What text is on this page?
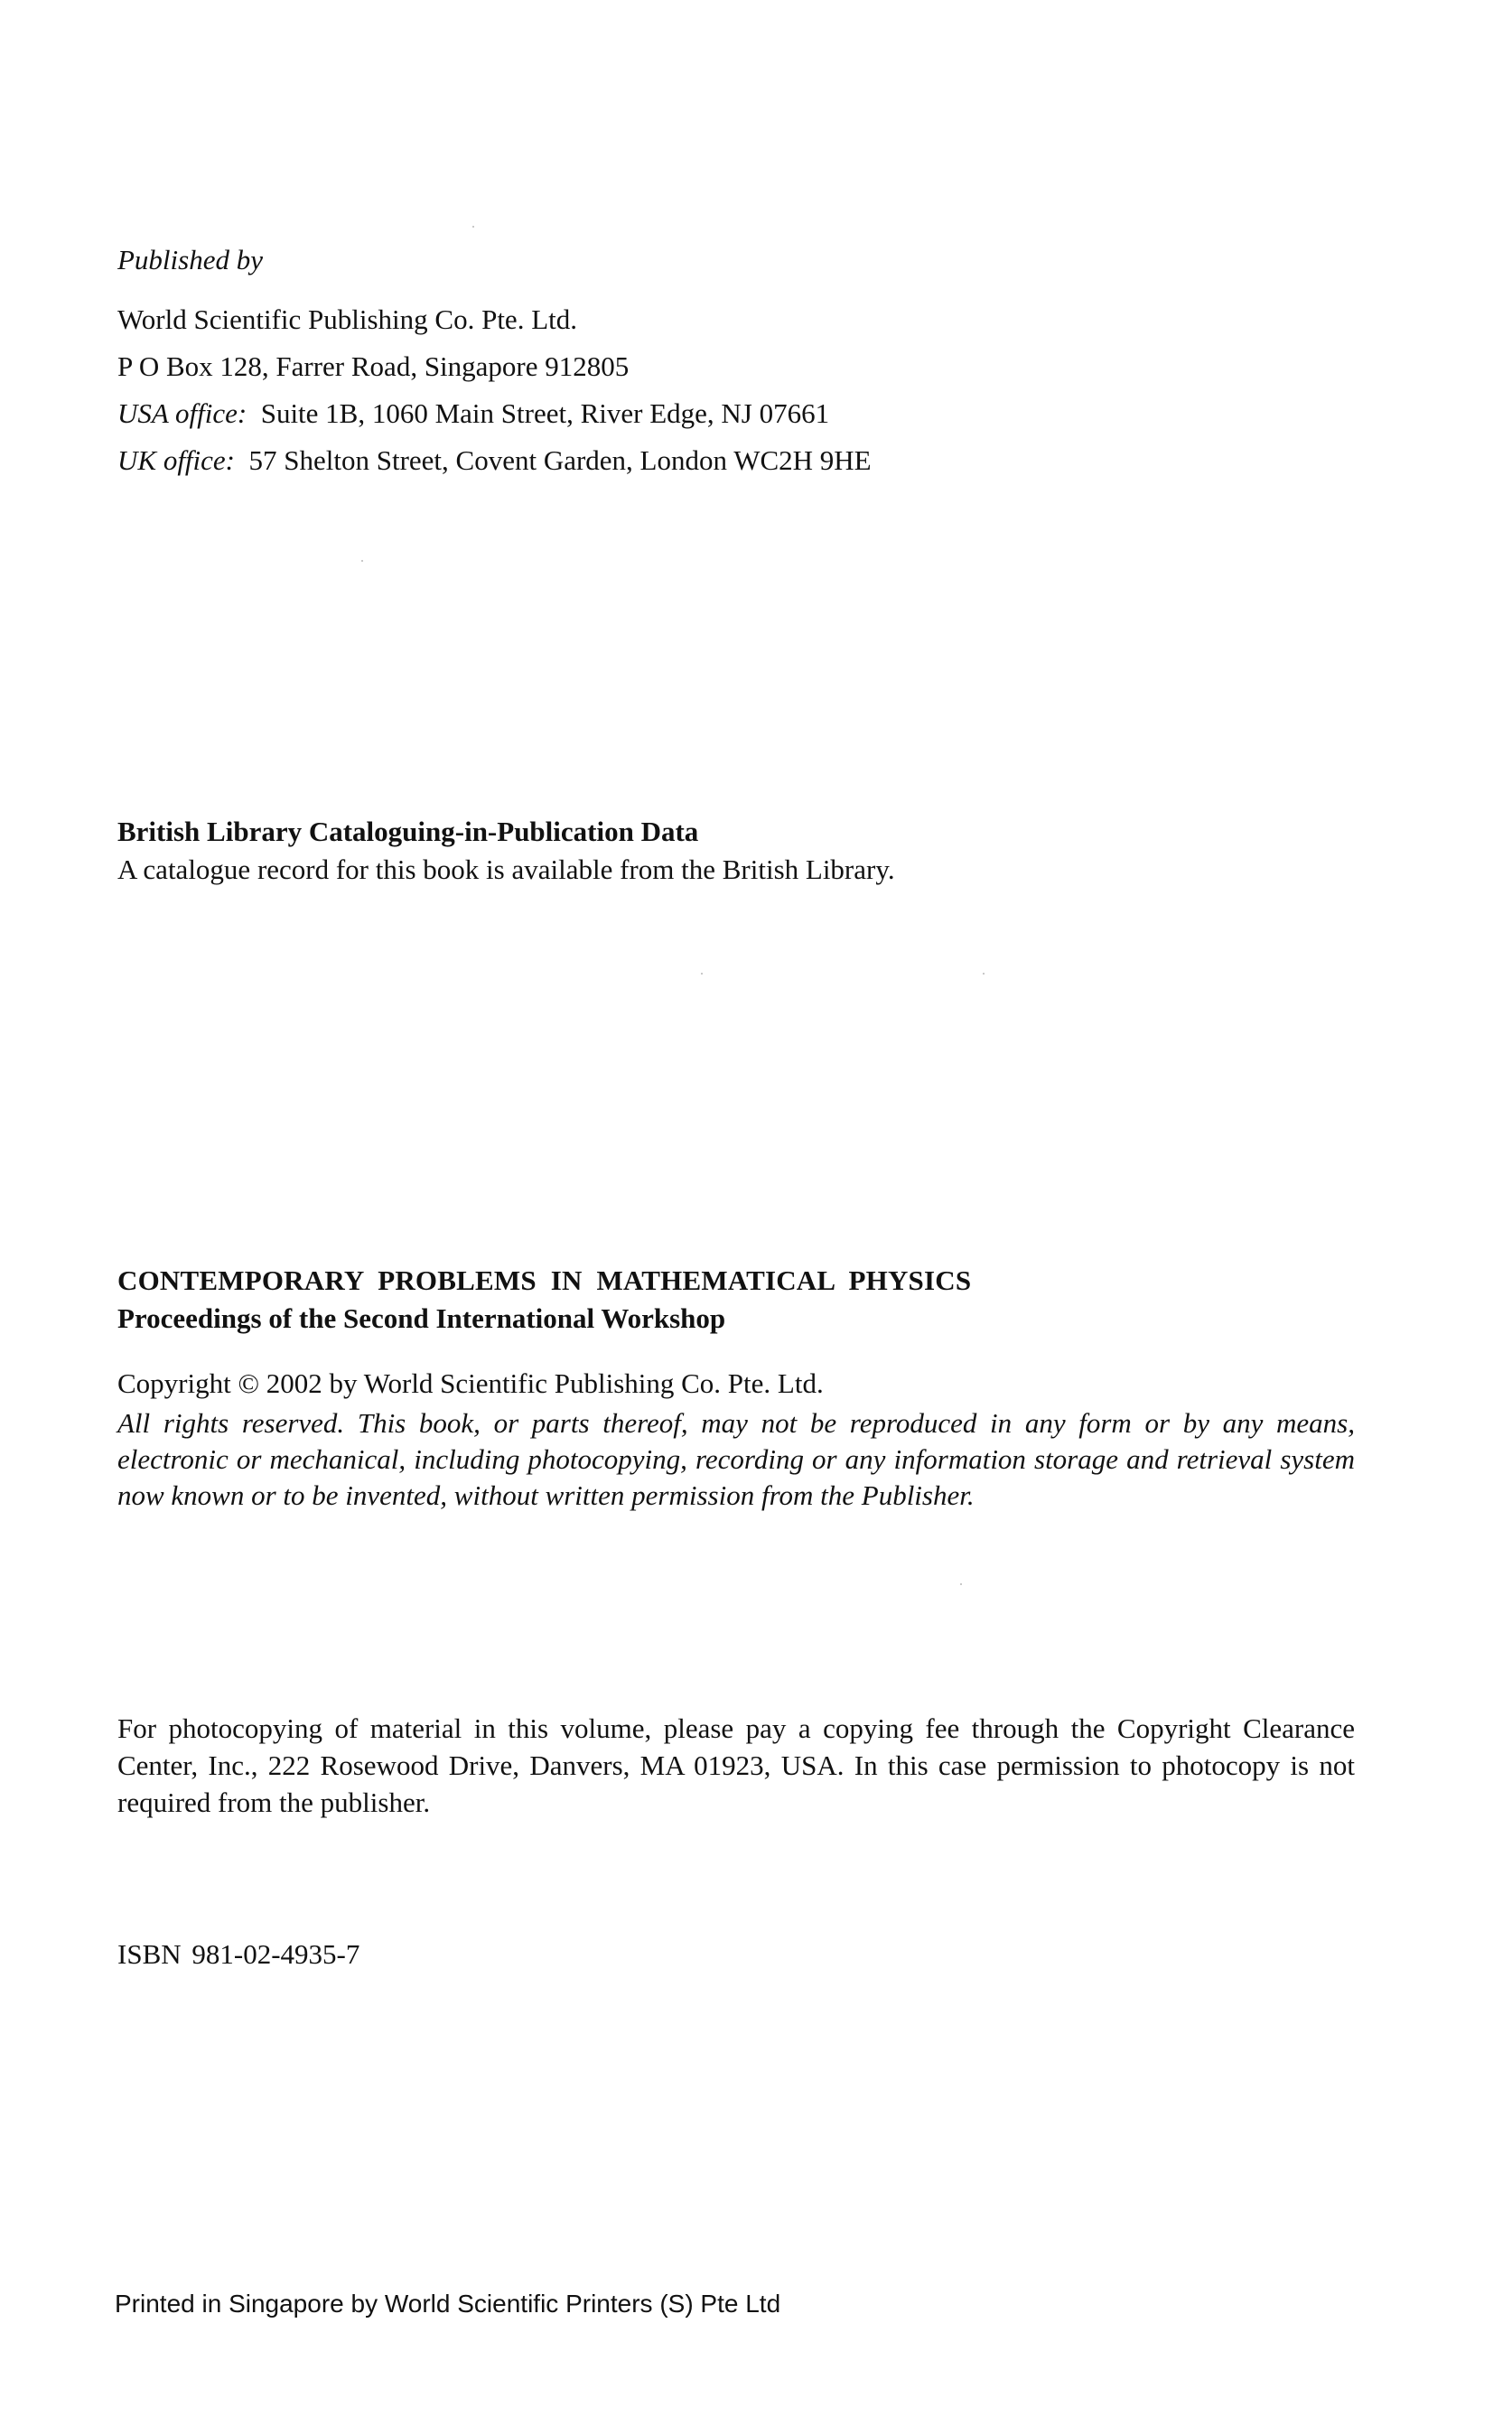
Published by
World Scientific Publishing Co. Pte. Ltd.
P O Box 128, Farrer Road, Singapore 912805
USA office: Suite 1B, 1060 Main Street, River Edge, NJ 07661
UK office: 57 Shelton Street, Covent Garden, London WC2H 9HE
British Library Cataloguing-in-Publication Data
A catalogue record for this book is available from the British Library.
CONTEMPORARY PROBLEMS IN MATHEMATICAL PHYSICS
Proceedings of the Second International Workshop
Copyright © 2002 by World Scientific Publishing Co. Pte. Ltd.
All rights reserved. This book, or parts thereof, may not be reproduced in any form or by any means, electronic or mechanical, including photocopying, recording or any information storage and retrieval system now known or to be invented, without written permission from the Publisher.
For photocopying of material in this volume, please pay a copying fee through the Copyright Clearance Center, Inc., 222 Rosewood Drive, Danvers, MA 01923, USA. In this case permission to photocopy is not required from the publisher.
ISBN 981-02-4935-7
Printed in Singapore by World Scientific Printers (S) Pte Ltd
